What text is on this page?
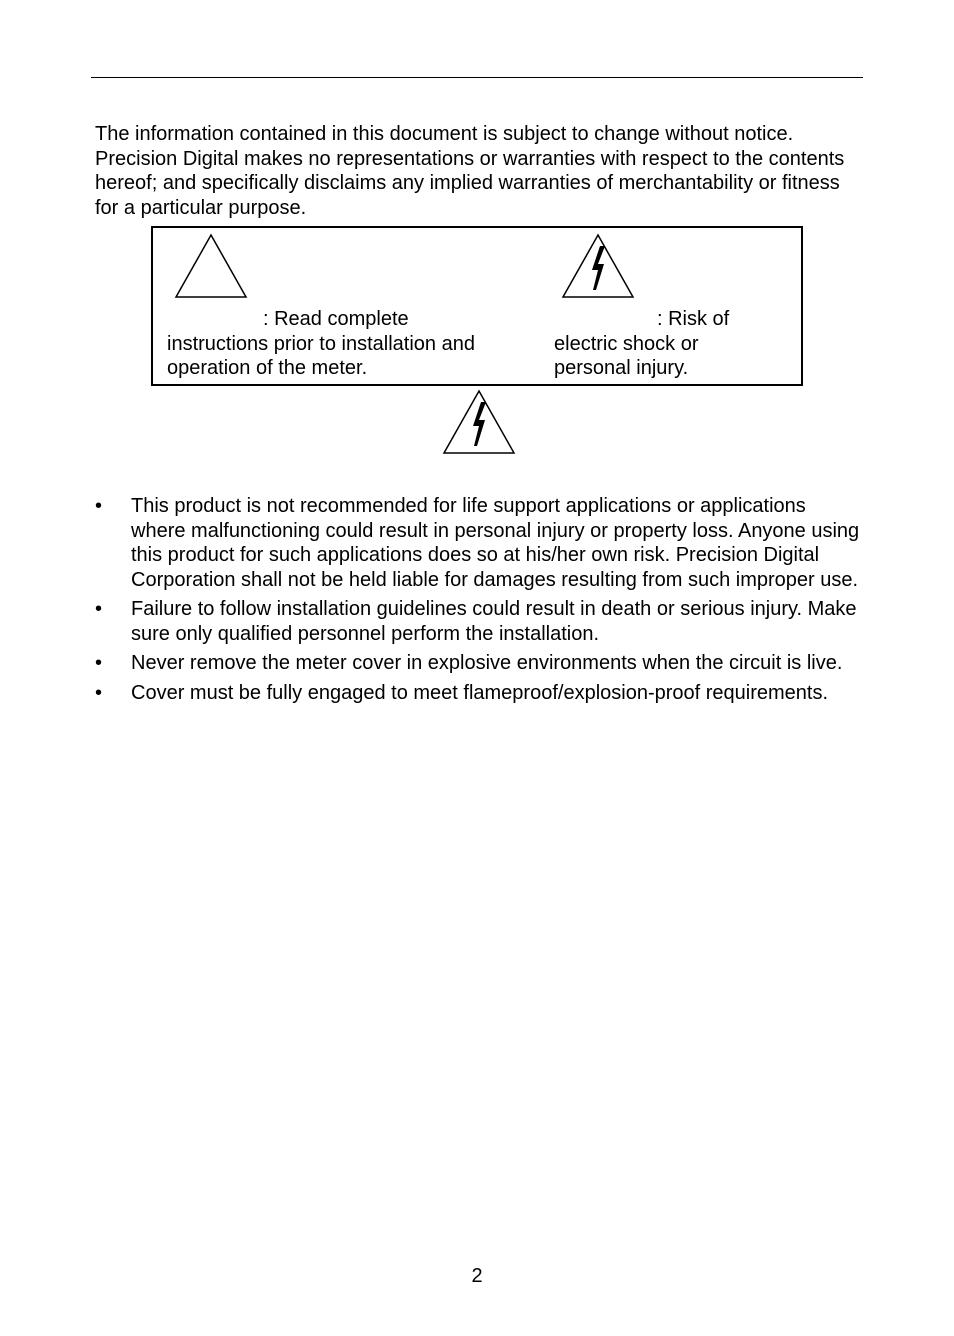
The information contained in this document is subject to change without notice. Precision Digital makes no representations or warranties with respect to the contents hereof; and specifically disclaims any implied warranties of merchantability or fitness for a particular purpose.

: Read complete
instructions prior to installation and
operation of the meter.
: Risk of
electric shock or
personal injury.
•	This product is not recommended for life support applications or applications where malfunctioning could result in personal injury or property loss. Anyone using this product for such applications does so at his/her own risk. Precision Digital Corporation shall not be held liable for damages resulting from such improper use.
•	Failure to follow installation guidelines could result in death or serious injury. Make sure only qualified personnel perform the installation.
•	Never remove the meter cover in explosive environments when the circuit is live.
•	Cover must be fully engaged to meet flameproof/explosion-proof requirements.
2
